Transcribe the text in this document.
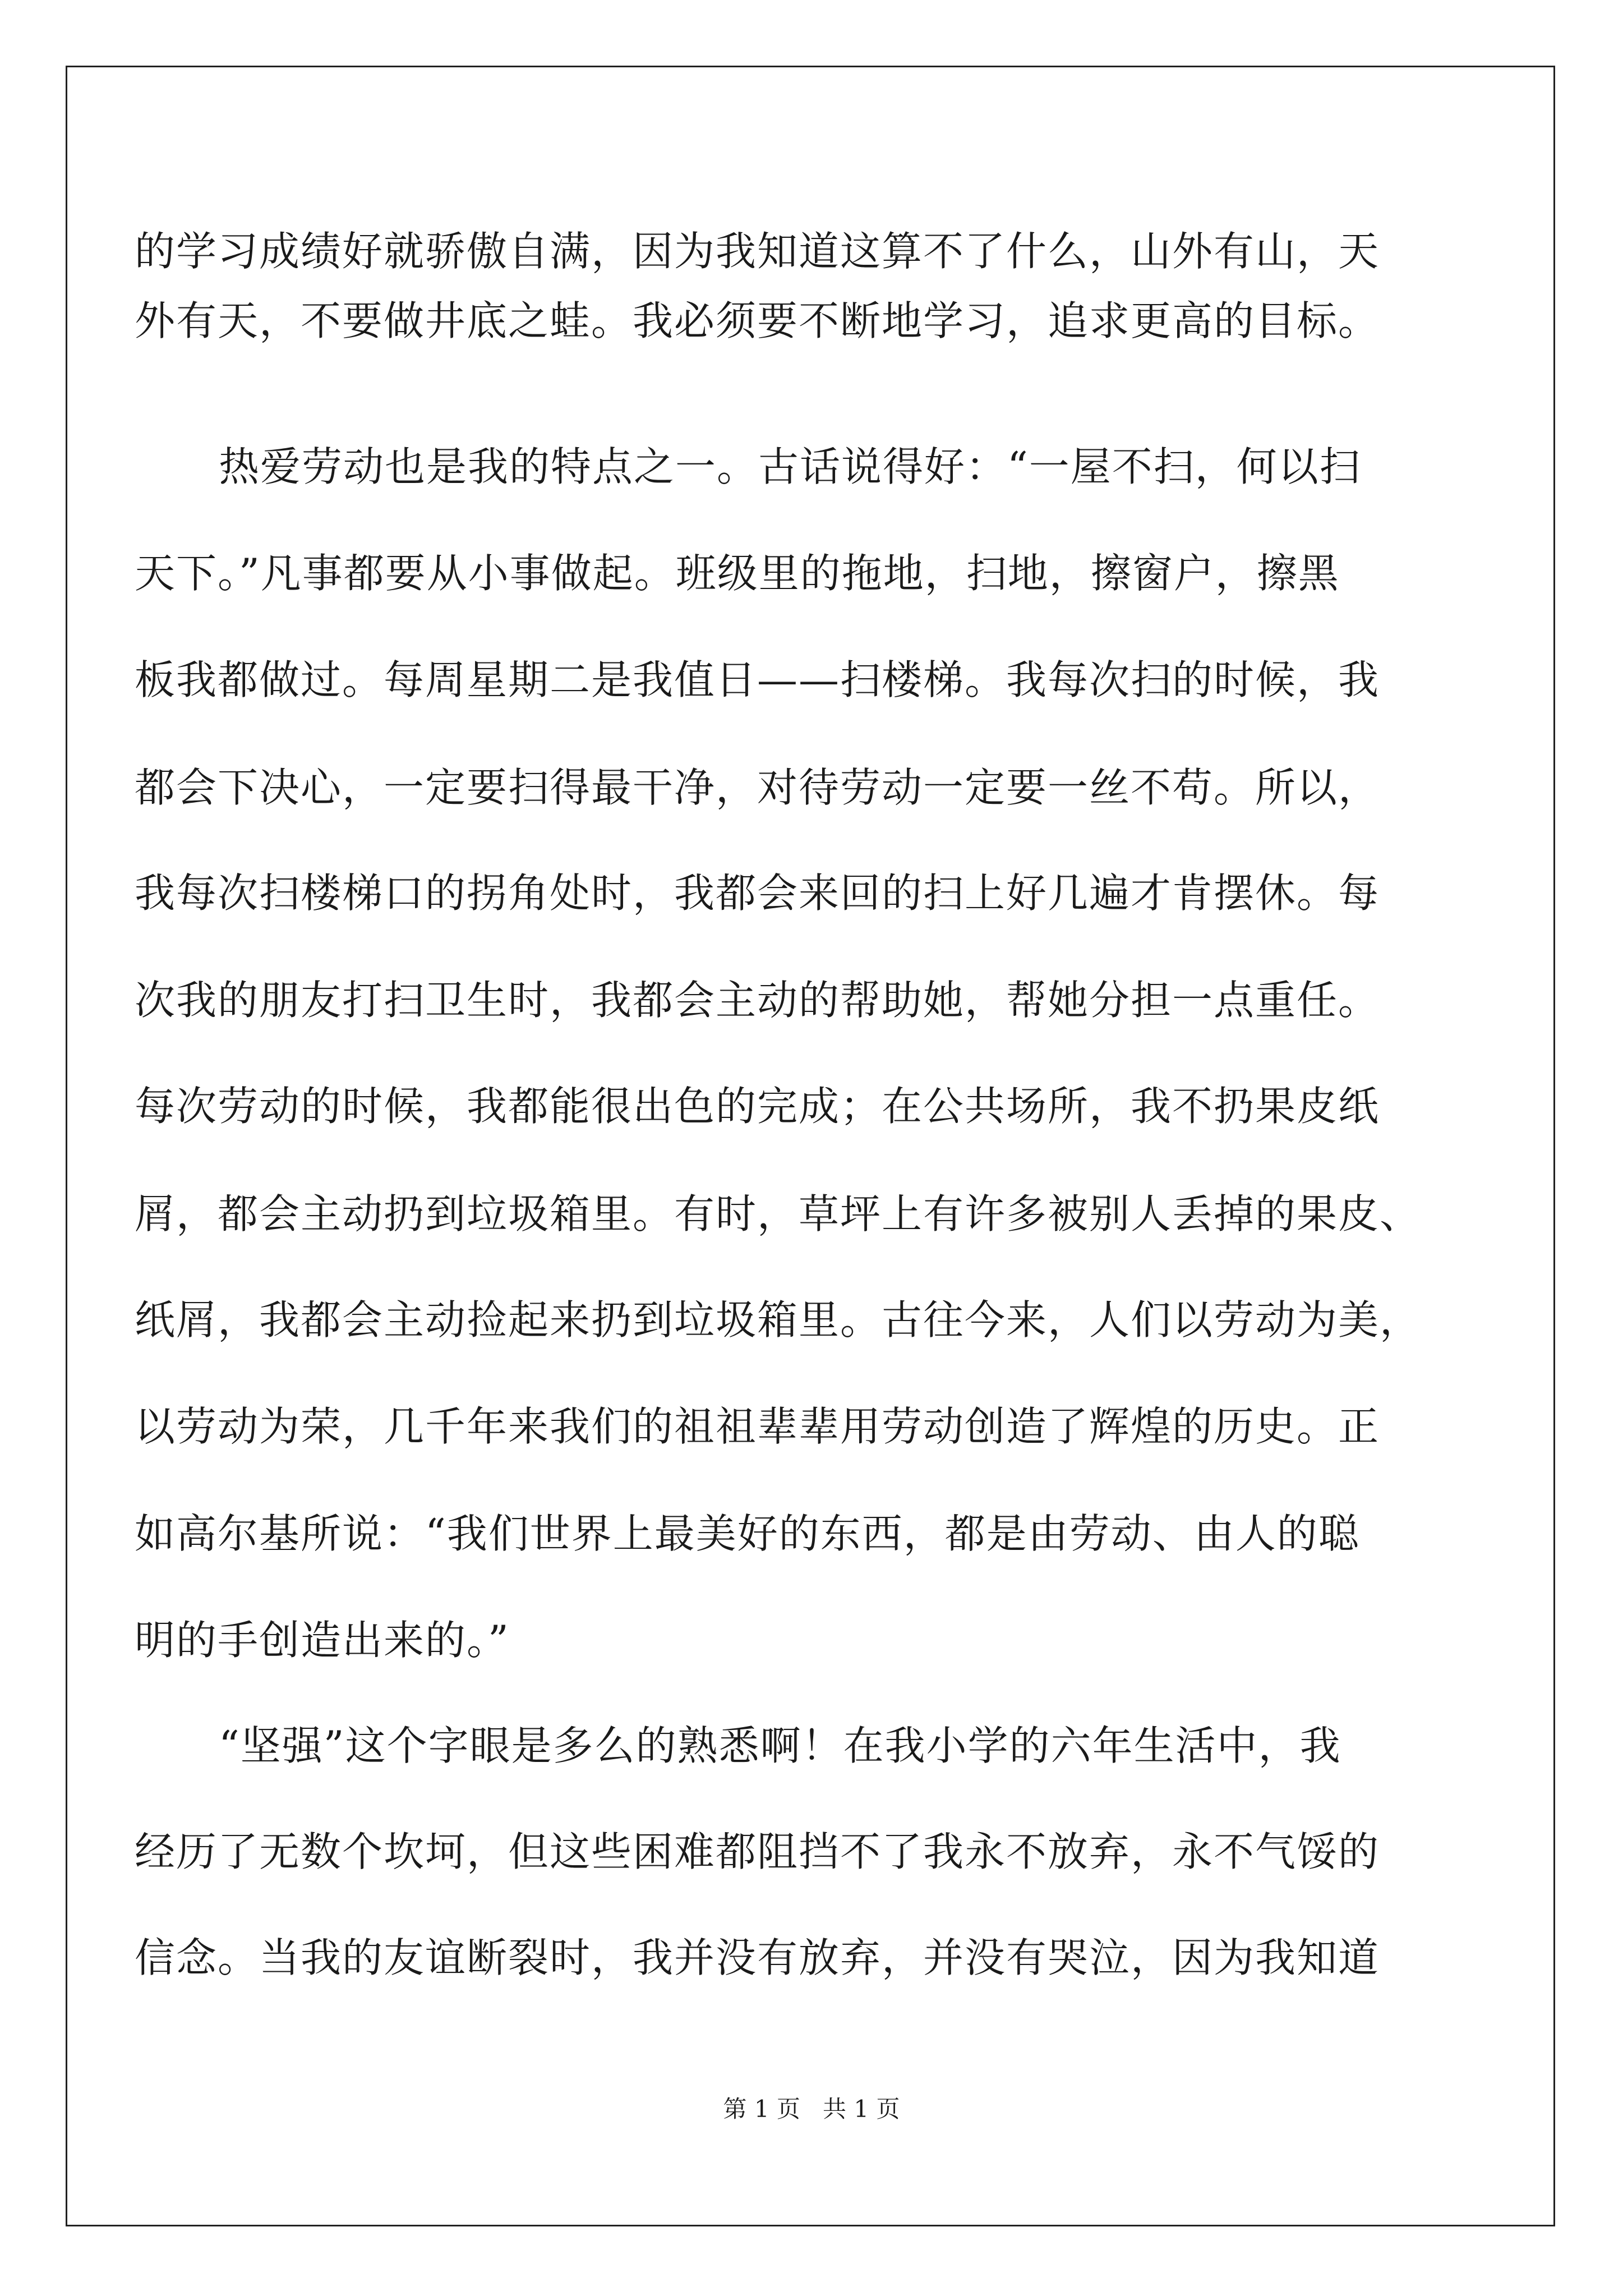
的学习成绩好就骄傲自满，因为我知道这算不了什么，山外有山，天
外有天，不要做井底之蛙。我必须要不断地学习，追求更高的目标。
热爱劳动也是我的特点之一。古话说得好：“一屋不扫，何以扫
天下。”凡事都要从小事做起。班级里的拖地，扫地，擦窗户，擦黑
板我都做过。每周星期二是我值日——扫楼梯。我每次扫的时候，我
都会下决心，一定要扫得最干净，对待劳动一定要一丝不苟。所以，
我每次扫楼梯口的拐角处时，我都会来回的扫上好几遍才肯摆休。每
次我的朋友打扫卫生时，我都会主动的帮助她，帮她分担一点重任。
每次劳动的时候，我都能很出色的完成；在公共场所，我不扔果皮纸
屑，都会主动扔到垃圾箱里。有时，草坪上有许多被别人丢掉的果皮、
纸屑，我都会主动捡起来扔到垃圾箱里。古往今来，人们以劳动为美，
以劳动为荣，几千年来我们的祖祖辈辈用劳动创造了辉煌的历史。正
如高尔基所说：“我们世界上最美好的东西，都是由劳动、由人的聪
明的手创造出来的。”
“坚强”这个字眼是多么的熟悉啊！在我小学的六年生活中，我
经历了无数个坎坷，但这些困难都阻挡不了我永不放弃，永不气馁的
信念。当我的友谊断裂时，我并没有放弃，并没有哭泣，因为我知道
第 1 页   共 1 页
